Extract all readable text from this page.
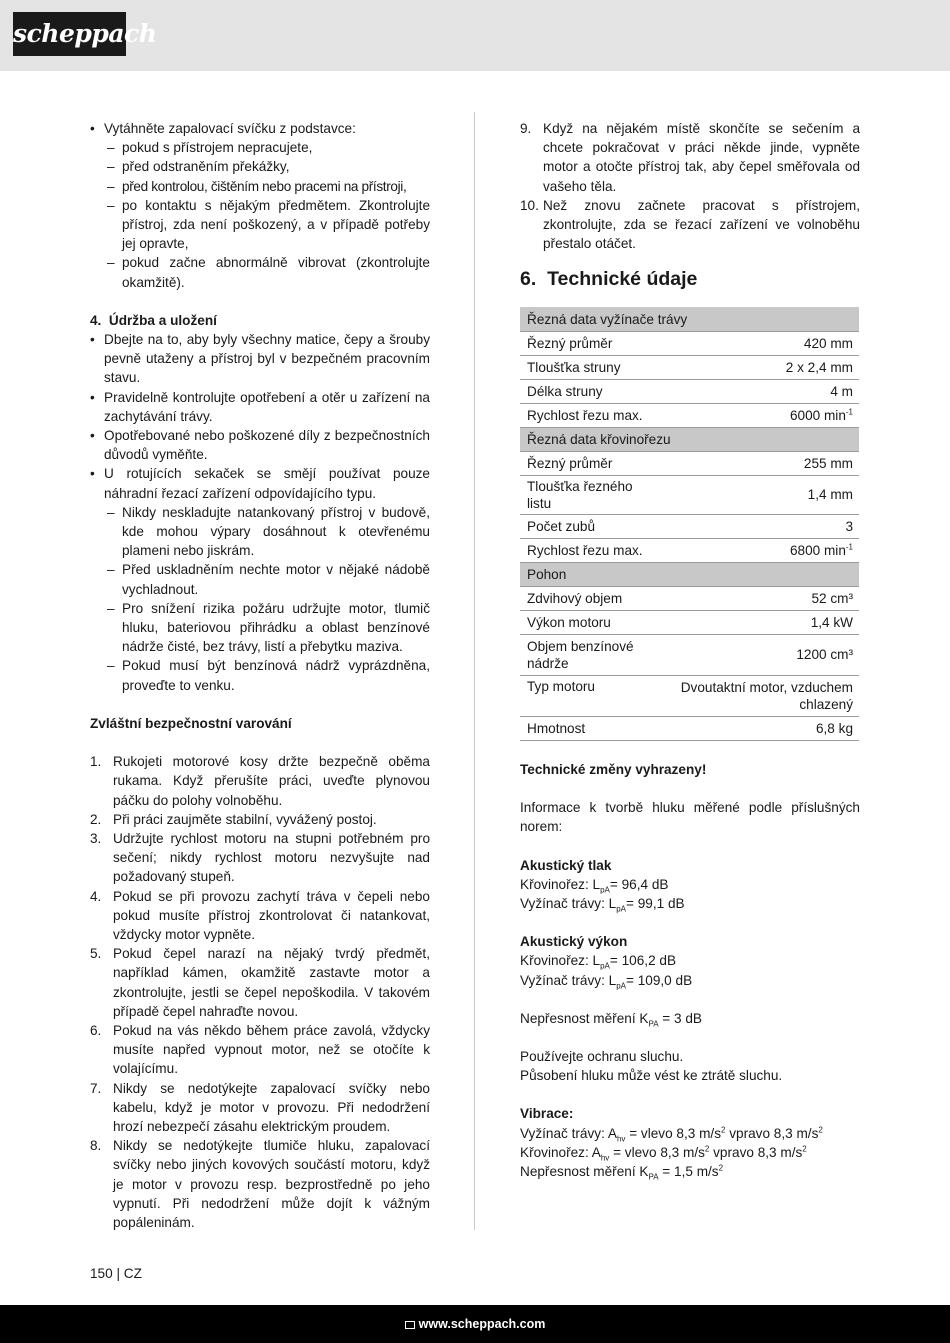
scheppach
• Vytáhněte zapalovací svíčku z podstavce:
– pokud s přístrojem nepracujete,
– před odstraněním překážky,
– před kontrolou, čištěním nebo pracemi na přístroji,
– po kontaktu s nějakým předmětem. Zkontrolujte přístroj, zda není poškozený, a v případě potřeby jej opravte,
– pokud začne abnormálně vibrovat (zkontrolujte okamžitě).
4.  Údržba a uložení
• Dbejte na to, aby byly všechny matice, čepy a šrouby pevně utaženy a přístroj byl v bezpečném pracovním stavu.
• Pravidelně kontrolujte opotřebení a otěr u zařízení na zachytávání trávy.
• Opotřebované nebo poškozené díly z bezpečnostních důvodů vyměňte.
• U rotujících sekaček se smějí používat pouze náhradní řezací zařízení odpovídajícího typu.
– Nikdy neskladujte natankovaný přístroj v budově, kde mohou výpary dosáhnout k otevřenému plameni nebo jiskrám.
– Před uskladněním nechte motor v nějaké nádobě vychladnout.
– Pro snížení rizika požáru udržujte motor, tlumič hluku, bateriovou přihrádku a oblast benzínové nádrže čisté, bez trávy, listí a přebytku maziva.
– Pokud musí být benzínová nádrž vyprázdněna, proveďte to venku.
Zvláštní bezpečnostní varování
1. Rukojeti motorové kosy držte bezpečně oběma rukama. Když přerušíte práci, uveďte plynovou páčku do polohy volnoběhu.
2. Při práci zaujměte stabilní, vyvážený postoj.
3. Udržujte rychlost motoru na stupni potřebném pro sečení; nikdy rychlost motoru nezvyšujte nad požadovaný stupeň.
4. Pokud se při provozu zachytí tráva v čepeli nebo pokud musíte přístroj zkontrolovat či natankovat, vždycky motor vypněte.
5. Pokud čepel narazí na nějaký tvrdý předmět, například kámen, okamžitě zastavte motor a zkontrolujte, jestli se čepel nepoškodila. V takovém případě čepel nahraďte novou.
6. Pokud na vás někdo během práce zavolá, vždycky musíte napřed vypnout motor, než se otočíte k volajícímu.
7. Nikdy se nedotýkejte zapalovací svíčky nebo kabelu, když je motor v provozu. Při nedodržení hrozí nebezpečí zásahu elektrickým proudem.
8. Nikdy se nedotýkejte tlumiče hluku, zapalovací svíčky nebo jiných kovových součástí motoru, když je motor v provozu resp. bezprostředně po jeho vypnutí. Při nedodržení může dojít k vážným popáleninám.
9. Když na nějakém místě skončíte se sečením a chcete pokračovat v práci někde jinde, vypněte motor a otočte přístroj tak, aby čepel směřovala od vašeho těla.
10. Než znovu začnete pracovat s přístrojem, zkontrolujte, zda se řezací zařízení ve volnoběhu přestalo otáčet.
6.  Technické údaje
Řezná data vyžínače trávy	
Řezný průměr	420 mm
Tloušťka struny	2 x 2,4 mm
Délka struny	4 m
Rychlost řezu max.	6000 $\min^{-1}$
Řezná data křovinořezu	
Řezný průměr	255 mm
Tloušťka řezného listu	1,4 mm
Počet zubů	3
Rychlost řezu max.	6800 $\min^{-1}$
Pohon	
Zdvihový objem	52 cm³
Výkon motoru	1,4 kW
Objem benzínové nádrže	1200 cm³
Typ motoru	Dvoutaktní motor, vzduchem chlazený
Hmotnost	6,8 kg
Technické změny vyhrazeny!
Informace k tvorbě hluku měřené podle příslušných norem:
Akustický tlak
Křovinořez: $L_{pA}= 96,4$ dB
Vyžínač trávy: $L_{pA}= 99,1$ dB
Akustický výkon
Křovinořez: $L_{pA}= 106,2$ dB
Vyžínač trávy: $L_{pA}= 109,0$ dB
Nepřesnost měření $K_{PA} = 3$ dB
Používejte ochranu sluchu.
Působení hluku může vést ke ztrátě sluchu.
Vibrace:
Vyžínač trávy: $A_{hv}$ = vlevo 8,3 $m/s^2$ vpravo 8,3 $m/s^2$
Křovinořez: $A_{hv}$ = vlevo 8,3 $m/s^2$ vpravo 8,3 $m/s^2$
Nepřesnost měření $K_{PA} = 1,5$ $m/s^2$
150 | CZ
www.scheppach.com
